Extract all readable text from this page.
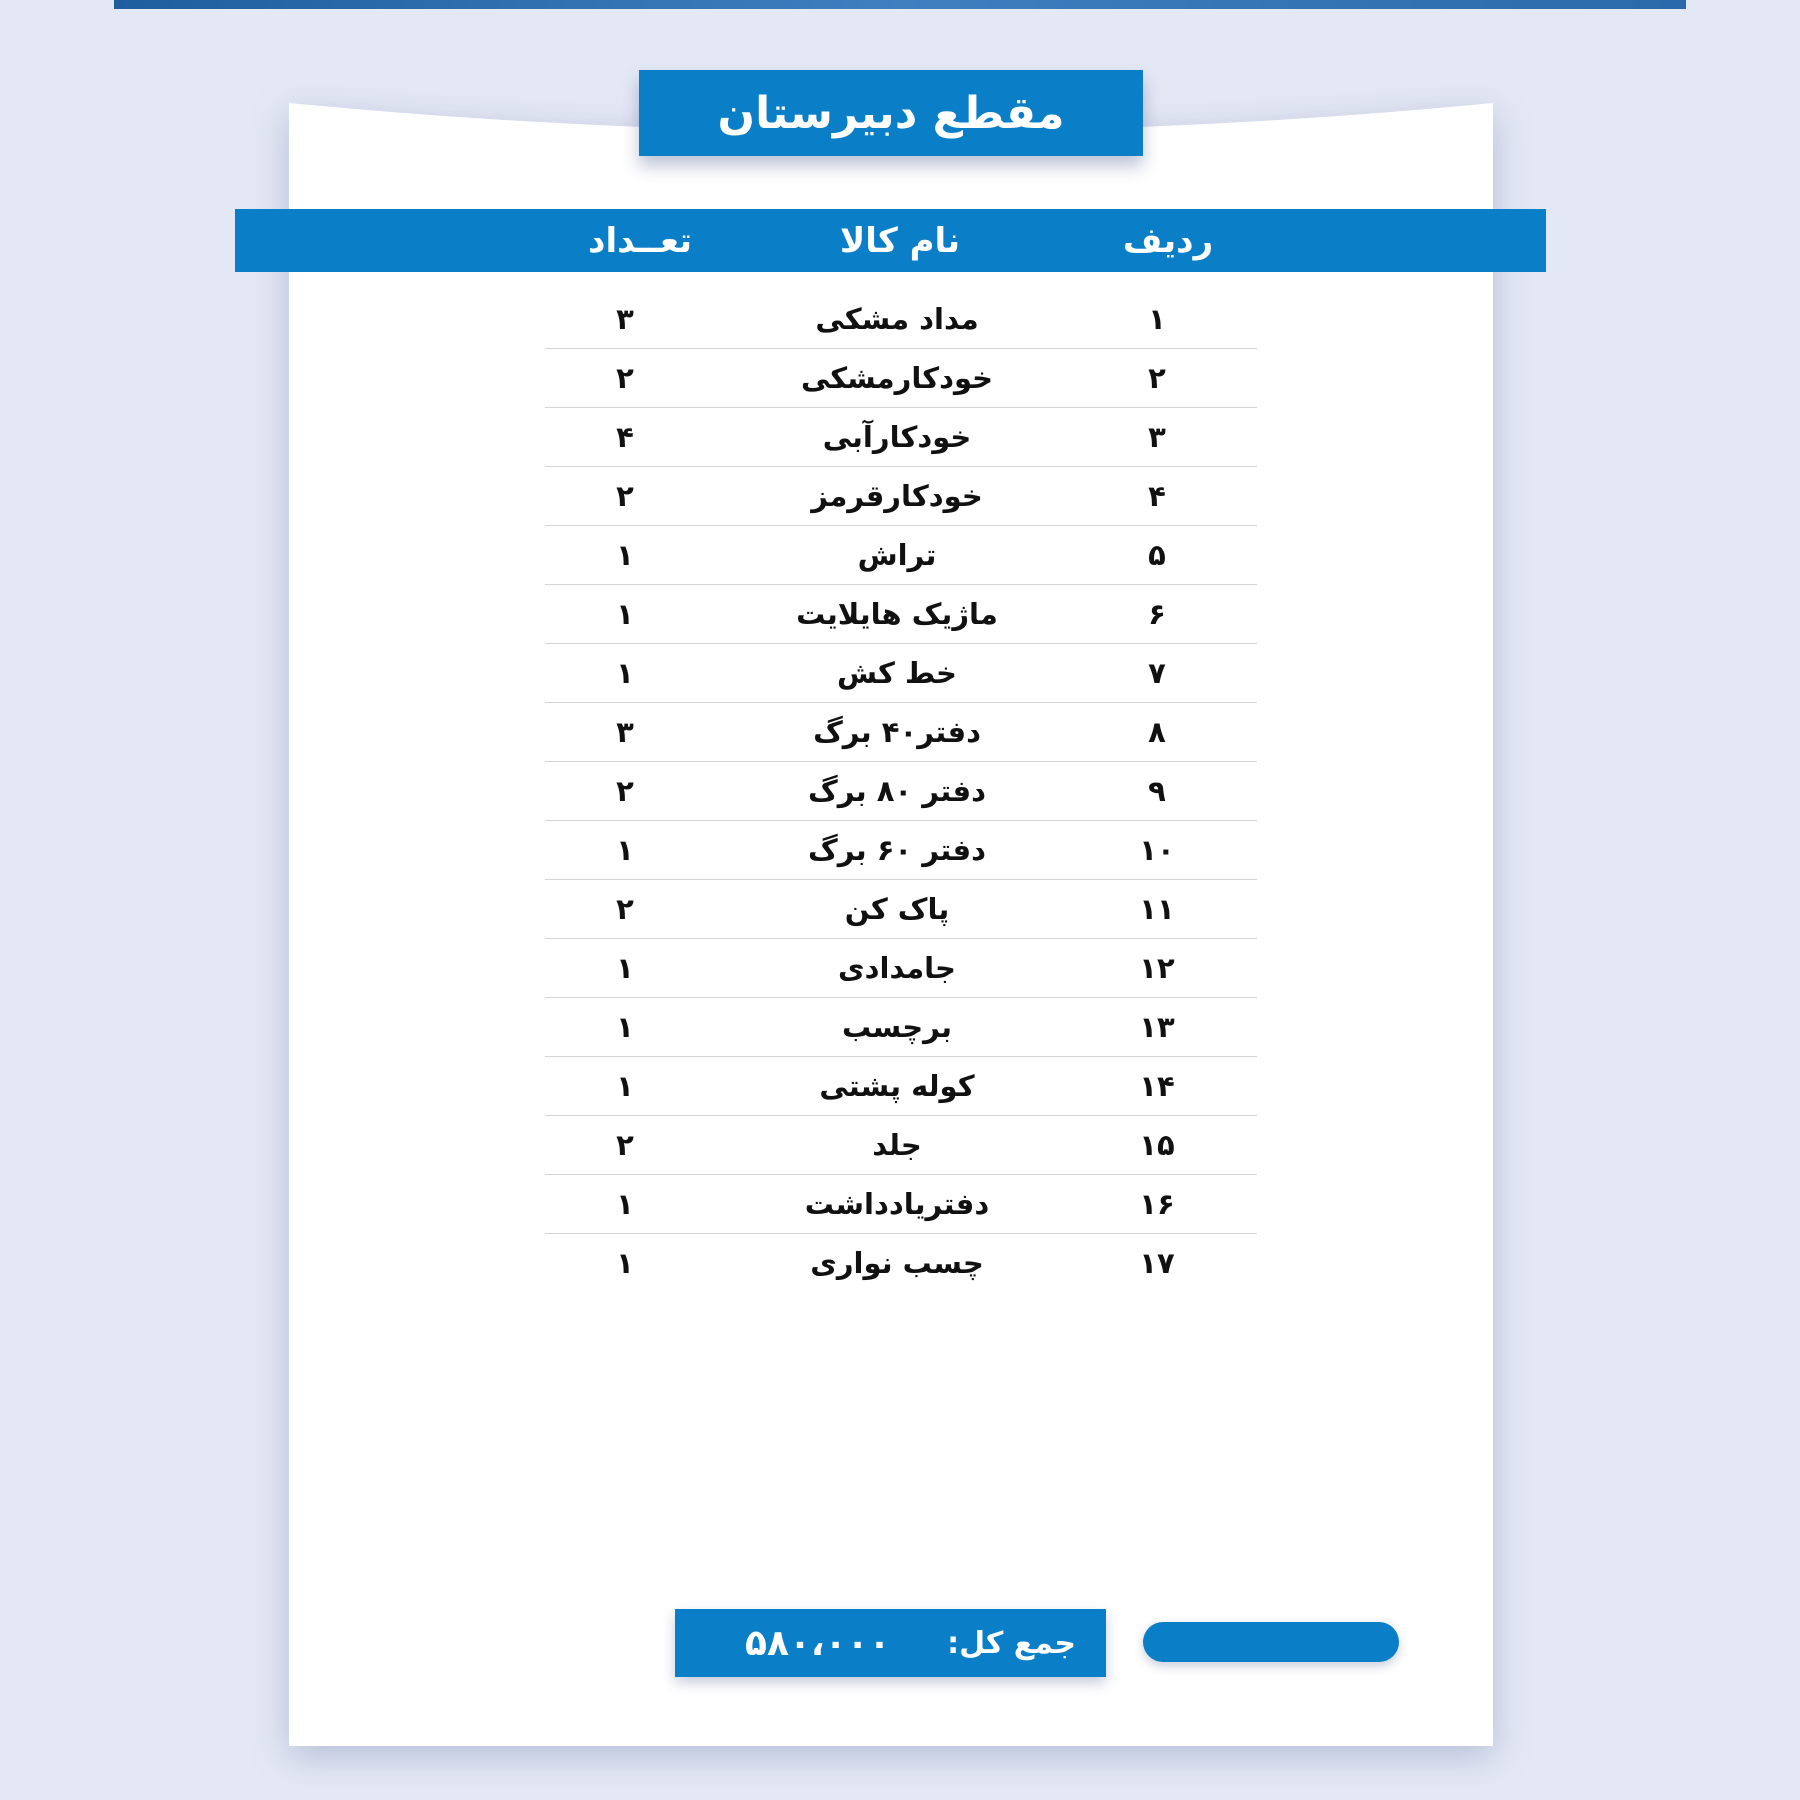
مقطع دبیرستان
ردیف
نام کالا
تعــداد
۱
مداد مشکی
۳
۲
خودکارمشکی
۲
۳
خودکارآبی
۴
۴
خودکارقرمز
۲
۵
تراش
۱
۶
ماژیک هایلایت
۱
۷
خط کش
۱
۸
دفتر۴۰ برگ
۳
۹
دفتر ۸۰ برگ
۲
۱۰
دفتر ۶۰ برگ
۱
۱۱
پاک کن
۲
۱۲
جامدادی
۱
۱۳
برچسب
۱
۱۴
کوله پشتی
۱
۱۵
جلد
۲
۱۶
دفتریادداشت
۱
۱۷
چسب نواری
۱
جمع کل:
۵۸۰،۰۰۰
